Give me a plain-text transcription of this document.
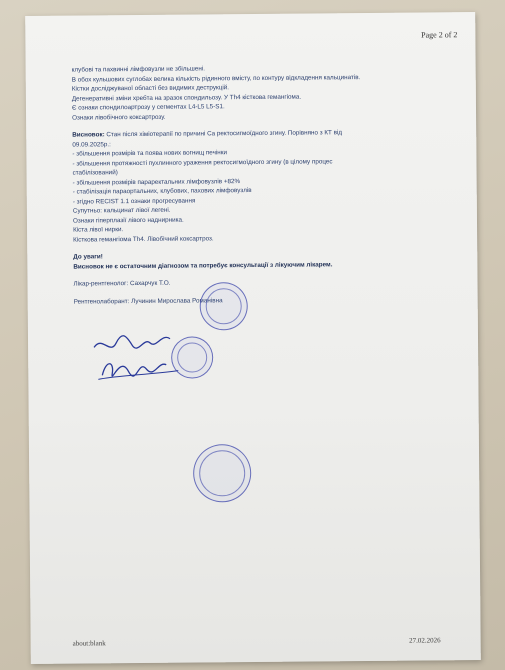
Page 2 of 2
клубові та пахвинні лімфовузли не збільшені.
В обох кульшових суглобах велика кількість рідинного вмісту, по контуру відкладення кальцинатів.
Кістки досліджуваної області без видимих деструкцій.
Дегенеративні зміни хребта на зразок спондильозу. У Th4 кісткова гемангіома.
Є ознаки спондилоартрозу у сегментах L4-L5 L5-S1.
Ознаки лівобічного коксартрозу.
Висновок: Стан після хіміотерапії по причині Ca ректосигмоїдного згину. Порівняно з КТ від
09.09.2025р.:
- збільшення розмірів та поява нових вогнищ печінки
- збільшення протяжності пухлинного ураження ректосигмоїдного згину (в цілому процес
стабілізований)
- збільшення розмірів параректальних лімфовузлів +82%
- стабілізація параортальних, клубових, пахових лімфовузлів
- згідно RECIST 1.1 ознаки прогресування
Супутньо: кальцинат лівої легені.
Ознаки гіперплазії лівого наднирника.
Кіста лівої нирки.
Кісткова гемангіома Th4. Лівобічний коксартроз.
До уваги!
Висновок не є остаточним діагнозом та потребує консультації з лікуючим лікарем.
Лікар-рентгенолог: Сахарчук Т.О.
Рентгенолаборант: Лучинин Мирослава Романівна
about:blank	27.02.2026
